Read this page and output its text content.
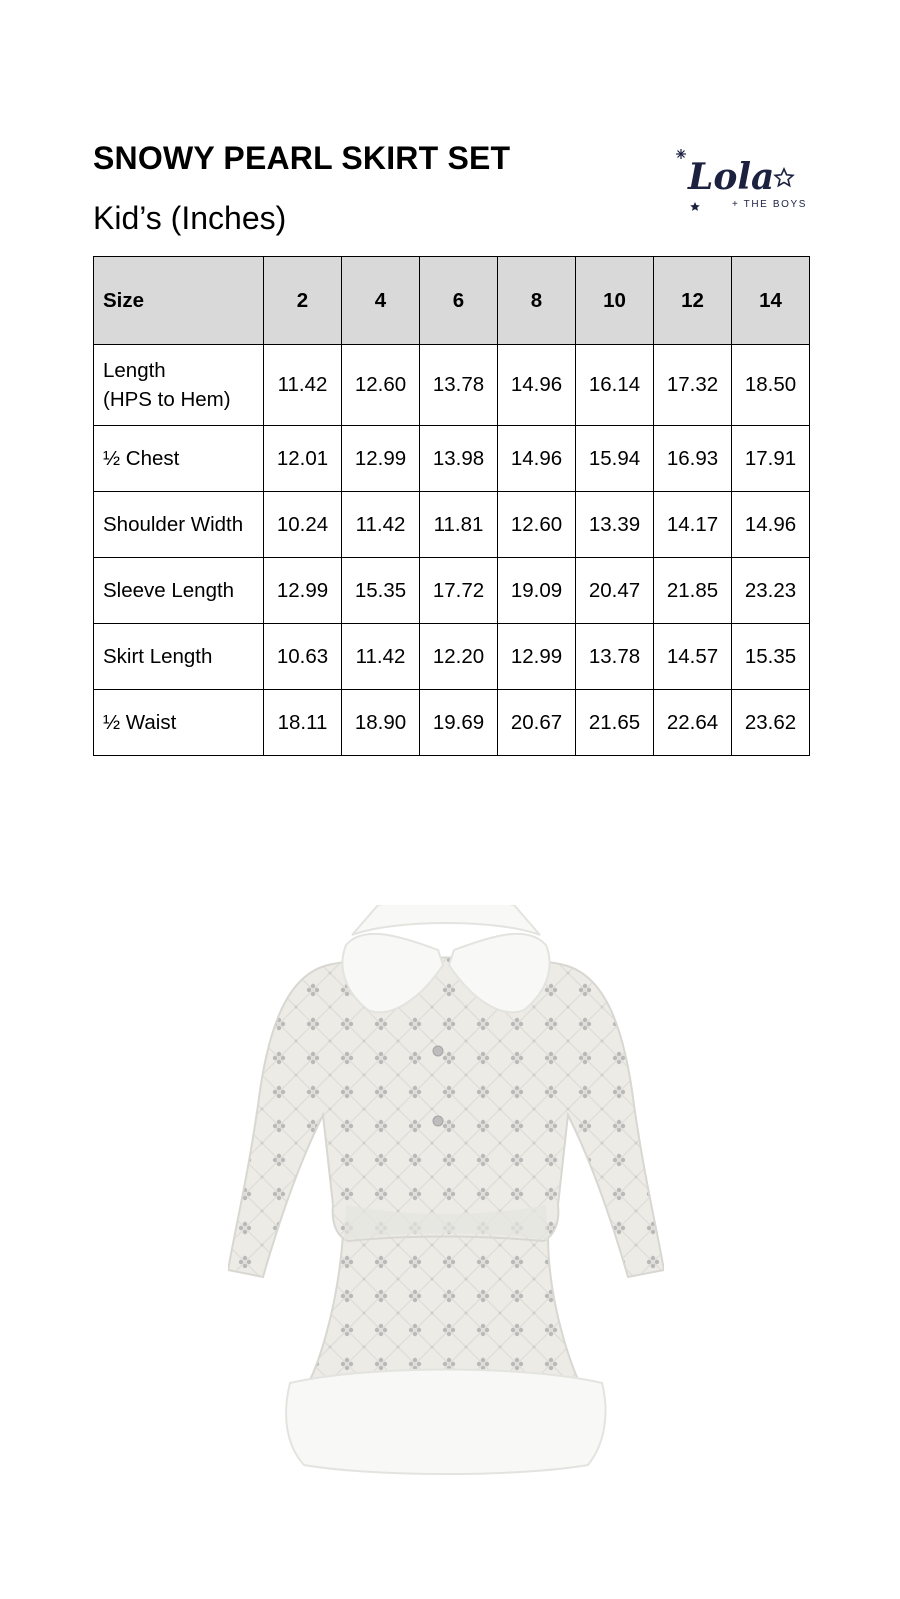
SNOWY PEARL SKIRT SET
Kid’s (Inches)
Lola
+ THE BOYS
Size	2	4	6	8	10	12	14
Length
(HPS to Hem)	11.42	12.60	13.78	14.96	16.14	17.32	18.50
½ Chest	12.01	12.99	13.98	14.96	15.94	16.93	17.91
Shoulder Width	10.24	11.42	11.81	12.60	13.39	14.17	14.96
Sleeve Length	12.99	15.35	17.72	19.09	20.47	21.85	23.23
Skirt Length	10.63	11.42	12.20	12.99	13.78	14.57	15.35
½ Waist	18.11	18.90	19.69	20.67	21.65	22.64	23.62
